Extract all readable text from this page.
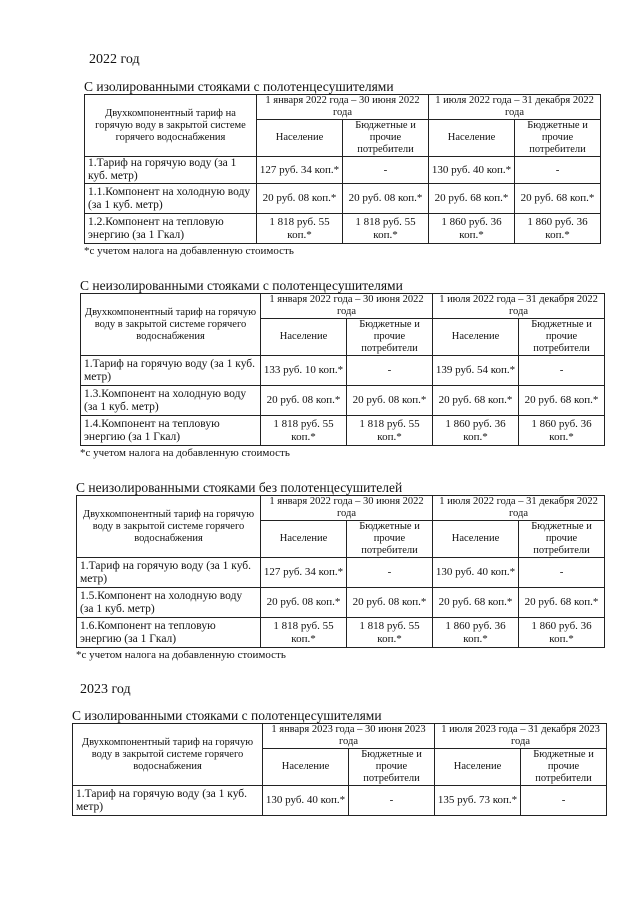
2022 год
С изолированными стояками с полотенцесушителями
Двухкомпонентный тариф на горячую воду в закрытой системе горячего водоснабжения	1 января 2022 года – 30 июня 2022 года		1 июля 2022 года – 31 декабря 2022 года	
	Население	Бюджетные и прочие потребители	Население	Бюджетные и прочие потребители
1.Тариф на горячую воду (за 1 куб. метр)	127 руб. 34 коп.*	-	130 руб. 40 коп.*	-
1.1.Компонент на холодную воду (за 1 куб. метр)	20 руб. 08 коп.*	20 руб. 08 коп.*	20 руб. 68 коп.*	20 руб. 68 коп.*
1.2.Компонент на тепловую энергию (за 1 Гкал)	1 818 руб. 55 коп.*	1 818 руб. 55 коп.*	1 860 руб. 36 коп.*	1 860 руб. 36 коп.*
*с учетом налога на добавленную стоимость
С неизолированными стояками с полотенцесушителями
Двухкомпонентный тариф на горячую воду в закрытой системе горячего водоснабжения	1 января 2022 года – 30 июня 2022 года		1 июля 2022 года – 31 декабря 2022 года	
	Население	Бюджетные и прочие потребители	Население	Бюджетные и прочие потребители
1.Тариф на горячую воду (за 1 куб. метр)	133 руб. 10 коп.*	-	139 руб. 54 коп.*	-
1.3.Компонент на холодную воду (за 1 куб. метр)	20 руб. 08 коп.*	20 руб. 08 коп.*	20 руб. 68 коп.*	20 руб. 68 коп.*
1.4.Компонент на тепловую энергию (за 1 Гкал)	1 818 руб. 55 коп.*	1 818 руб. 55 коп.*	1 860 руб. 36 коп.*	1 860 руб. 36 коп.*
*с учетом налога на добавленную стоимость
С неизолированными стояками без полотенцесушителей
Двухкомпонентный тариф на горячую воду в закрытой системе горячего водоснабжения	1 января 2022 года – 30 июня 2022 года		1 июля 2022 года – 31 декабря 2022 года	
	Население	Бюджетные и прочие потребители	Население	Бюджетные и прочие потребители
1.Тариф на горячую воду (за 1 куб. метр)	127 руб. 34 коп.*	-	130 руб. 40 коп.*	-
1.5.Компонент на холодную воду (за 1 куб. метр)	20 руб. 08 коп.*	20 руб. 08 коп.*	20 руб. 68 коп.*	20 руб. 68 коп.*
1.6.Компонент на тепловую энергию (за 1 Гкал)	1 818 руб. 55 коп.*	1 818 руб. 55 коп.*	1 860 руб. 36 коп.*	1 860 руб. 36 коп.*
*с учетом налога на добавленную стоимость
2023 год
С изолированными стояками с полотенцесушителями
Двухкомпонентный тариф на горячую воду в закрытой системе горячего водоснабжения	1 января 2023 года – 30 июня 2023 года		1 июля 2023 года – 31 декабря 2023 года	
	Население	Бюджетные и прочие потребители	Население	Бюджетные и прочие потребители
1.Тариф на горячую воду (за 1 куб. метр)	130 руб. 40 коп.*	-	135 руб. 73 коп.*	-
